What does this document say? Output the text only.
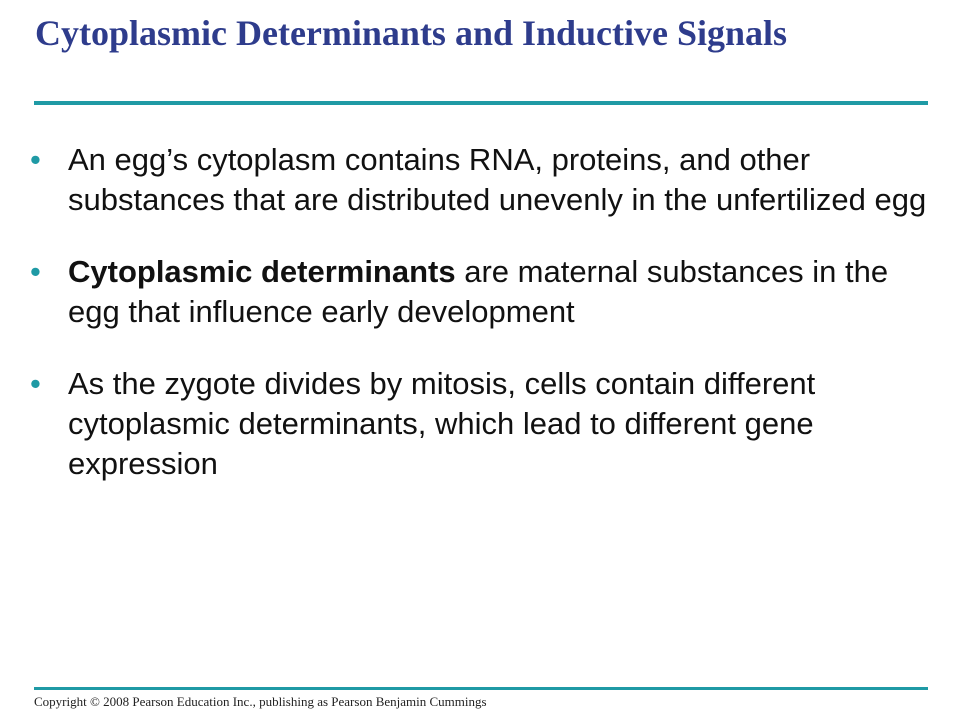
Cytoplasmic Determinants and Inductive Signals
• An egg’s cytoplasm contains RNA, proteins, and other substances that are distributed unevenly in the unfertilized egg
• Cytoplasmic determinants are maternal substances in the egg that influence early development
• As the zygote divides by mitosis, cells contain different cytoplasmic determinants, which lead to different gene expression
Copyright © 2008 Pearson Education Inc., publishing as Pearson Benjamin Cummings
